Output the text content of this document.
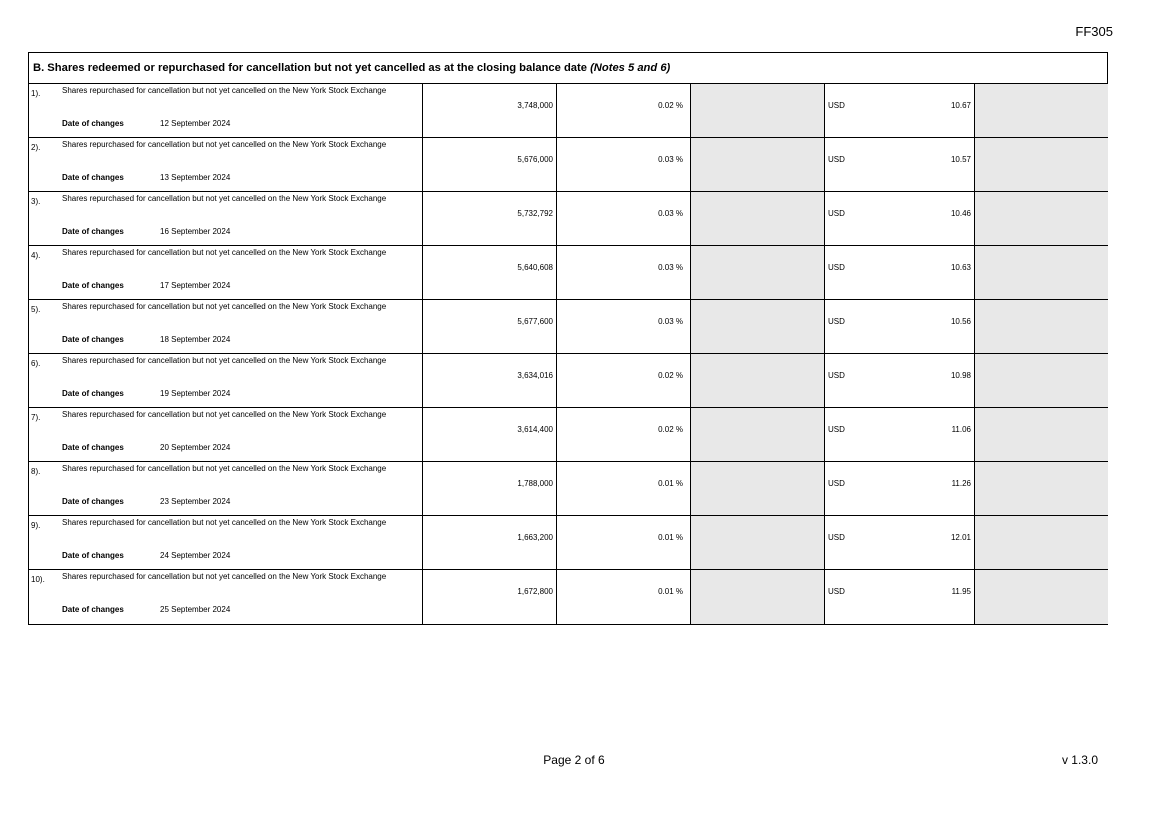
FF305
B. Shares redeemed or repurchased for cancellation but not yet cancelled as at the closing balance date (Notes 5 and 6)
1).	Shares repurchased for cancellation but not yet cancelled on the New York Stock Exchange
Date of changes	12 September 2024
3,748,000	0.02 %	USD	10.67
2).	Shares repurchased for cancellation but not yet cancelled on the New York Stock Exchange
Date of changes	13 September 2024
5,676,000	0.03 %	USD	10.57
3).	Shares repurchased for cancellation but not yet cancelled on the New York Stock Exchange
Date of changes	16 September 2024
5,732,792	0.03 %	USD	10.46
4).	Shares repurchased for cancellation but not yet cancelled on the New York Stock Exchange
Date of changes	17 September 2024
5,640,608	0.03 %	USD	10.63
5).	Shares repurchased for cancellation but not yet cancelled on the New York Stock Exchange
Date of changes	18 September 2024
5,677,600	0.03 %	USD	10.56
6).	Shares repurchased for cancellation but not yet cancelled on the New York Stock Exchange
Date of changes	19 September 2024
3,634,016	0.02 %	USD	10.98
7).	Shares repurchased for cancellation but not yet cancelled on the New York Stock Exchange
Date of changes	20 September 2024
3,614,400	0.02 %	USD	11.06
8).	Shares repurchased for cancellation but not yet cancelled on the New York Stock Exchange
Date of changes	23 September 2024
1,788,000	0.01 %	USD	11.26
9).	Shares repurchased for cancellation but not yet cancelled on the New York Stock Exchange
Date of changes	24 September 2024
1,663,200	0.01 %	USD	12.01
10). Shares repurchased for cancellation but not yet cancelled on the New York Stock Exchange
Date of changes	25 September 2024
1,672,800	0.01 %	USD	11.95
Page 2 of 6	v 1.3.0
